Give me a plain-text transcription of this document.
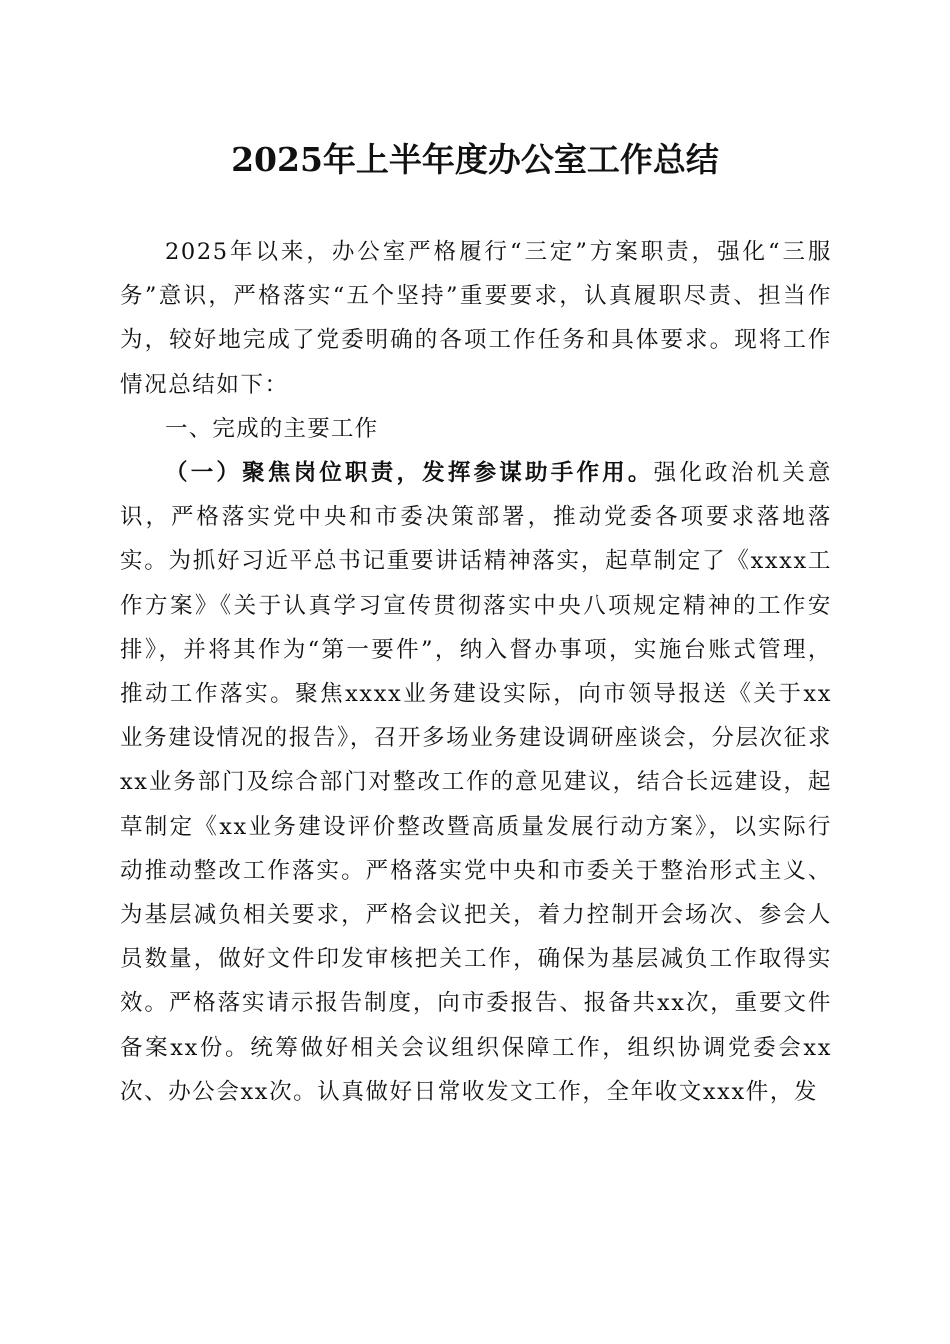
2025年上半年度办公室工作总结

2025年以来，办公室严格履行“三定”方案职责，强化“三服务”意识，严格落实“五个坚持”重要要求，认真履职尽责、担当作为，较好地完成了党委明确的各项工作任务和具体要求。现将工作情况总结如下：

一、完成的主要工作

（一）聚焦岗位职责，发挥参谋助手作用。强化政治机关意识，严格落实党中央和市委决策部署，推动党委各项要求落地落实。为抓好习近平总书记重要讲话精神落实，起草制定了《xxxx工作方案》《关于认真学习宣传贯彻落实中央八项规定精神的工作安排》，并将其作为“第一要件”，纳入督办事项，实施台账式管理，推动工作落实。聚焦xxxx业务建设实际，向市领导报送《关于xx业务建设情况的报告》，召开多场业务建设调研座谈会，分层次征求xx业务部门及综合部门对整改工作的意见建议，结合长远建设，起草制定《xx业务建设评价整改暨高质量发展行动方案》，以实际行动推动整改工作落实。严格落实党中央和市委关于整治形式主义、为基层减负相关要求，严格会议把关，着力控制开会场次、参会人员数量，做好文件印发审核把关工作，确保为基层减负工作取得实效。严格落实请示报告制度，向市委报告、报备共xx次，重要文件备案xx份。统筹做好相关会议组织保障工作，组织协调党委会xx次、办公会xx次。认真做好日常收发文工作，全年收文xxx件，发
